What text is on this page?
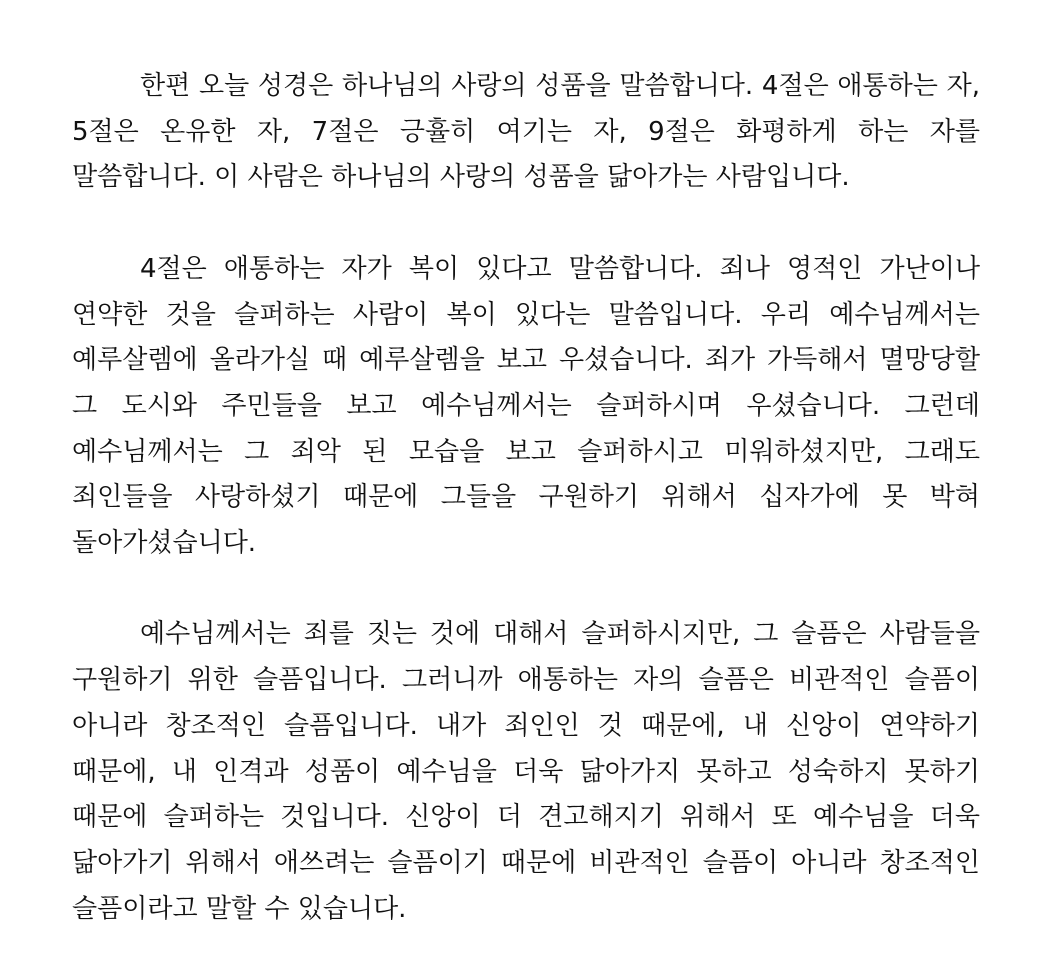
한편 오늘 성경은 하나님의 사랑의 성품을 말씀합니다. 4절은 애통하는 자, 5절은 온유한 자, 7절은 긍휼히 여기는 자, 9절은 화평하게 하는 자를 말씀합니다. 이 사람은 하나님의 사랑의 성품을 닮아가는 사람입니다.

4절은 애통하는 자가 복이 있다고 말씀합니다. 죄나 영적인 가난이나 연약한 것을 슬퍼하는 사람이 복이 있다는 말씀입니다. 우리 예수님께서는 예루살렘에 올라가실 때 예루살렘을 보고 우셨습니다. 죄가 가득해서 멸망당할 그 도시와 주민들을 보고 예수님께서는 슬퍼하시며 우셨습니다. 그런데 예수님께서는 그 죄악 된 모습을 보고 슬퍼하시고 미워하셨지만, 그래도 죄인들을 사랑하셨기 때문에 그들을 구원하기 위해서 십자가에 못 박혀 돌아가셨습니다.

예수님께서는 죄를 짓는 것에 대해서 슬퍼하시지만, 그 슬픔은 사람들을 구원하기 위한 슬픔입니다. 그러니까 애통하는 자의 슬픔은 비관적인 슬픔이 아니라 창조적인 슬픔입니다. 내가 죄인인 것 때문에, 내 신앙이 연약하기 때문에, 내 인격과 성품이 예수님을 더욱 닮아가지 못하고 성숙하지 못하기 때문에 슬퍼하는 것입니다. 신앙이 더 견고해지기 위해서 또 예수님을 더욱 닮아가기 위해서 애쓰려는 슬픔이기 때문에 비관적인 슬픔이 아니라 창조적인 슬픔이라고 말할 수 있습니다.
